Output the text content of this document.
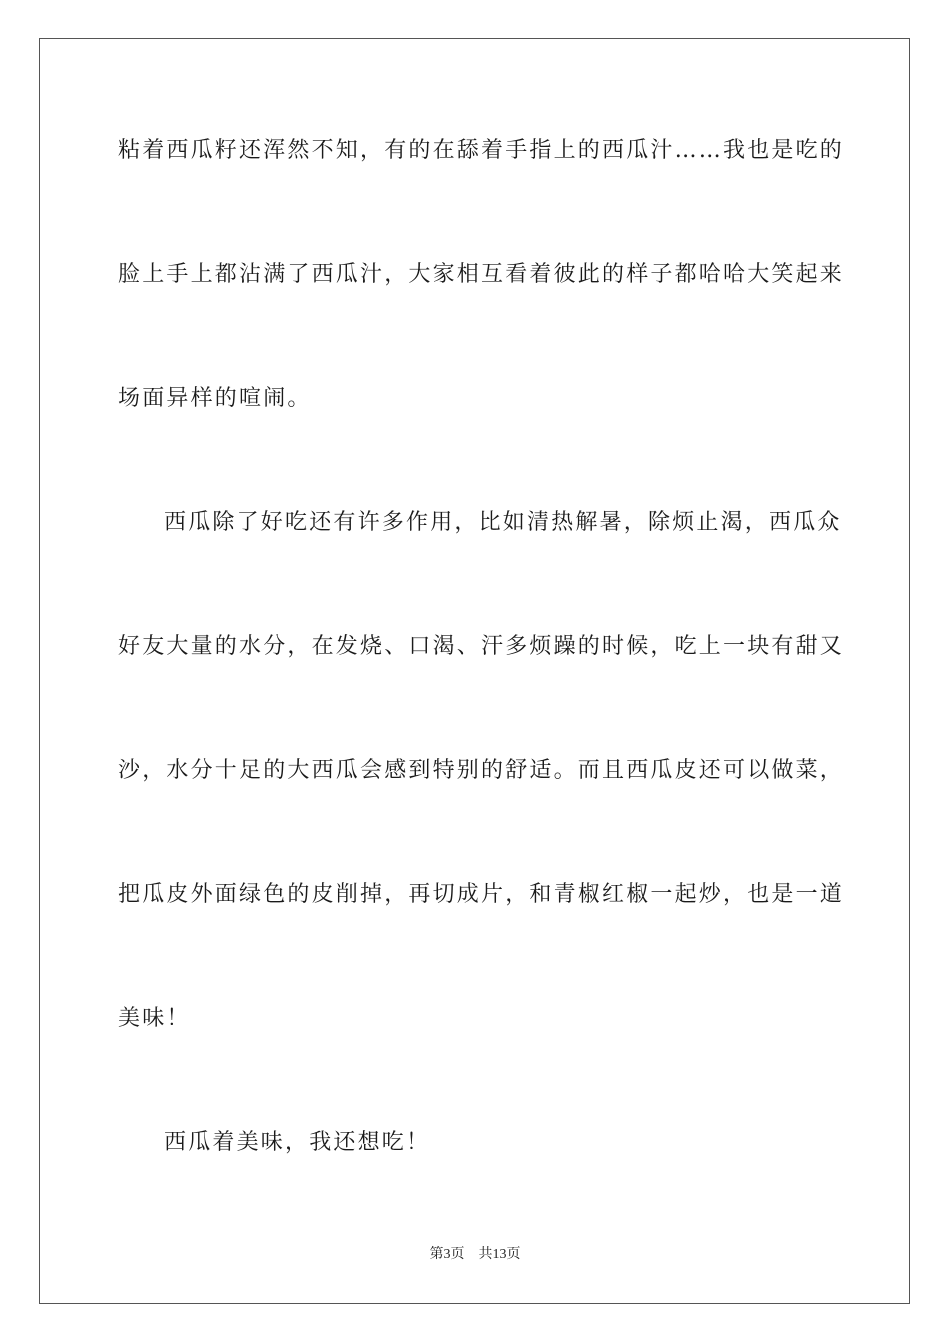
粘着西瓜籽还浑然不知，有的在舔着手指上的西瓜汁……我也是吃的
脸上手上都沾满了西瓜汁，大家相互看着彼此的样子都哈哈大笑起来
场面异样的喧闹。
西瓜除了好吃还有许多作用，比如清热解暑，除烦止渴，西瓜众
好友大量的水分，在发烧、口渴、汗多烦躁的时候，吃上一块有甜又
沙，水分十足的大西瓜会感到特别的舒适。而且西瓜皮还可以做菜，
把瓜皮外面绿色的皮削掉，再切成片，和青椒红椒一起炒，也是一道
美味！
西瓜着美味，我还想吃！
第3页 共13页
